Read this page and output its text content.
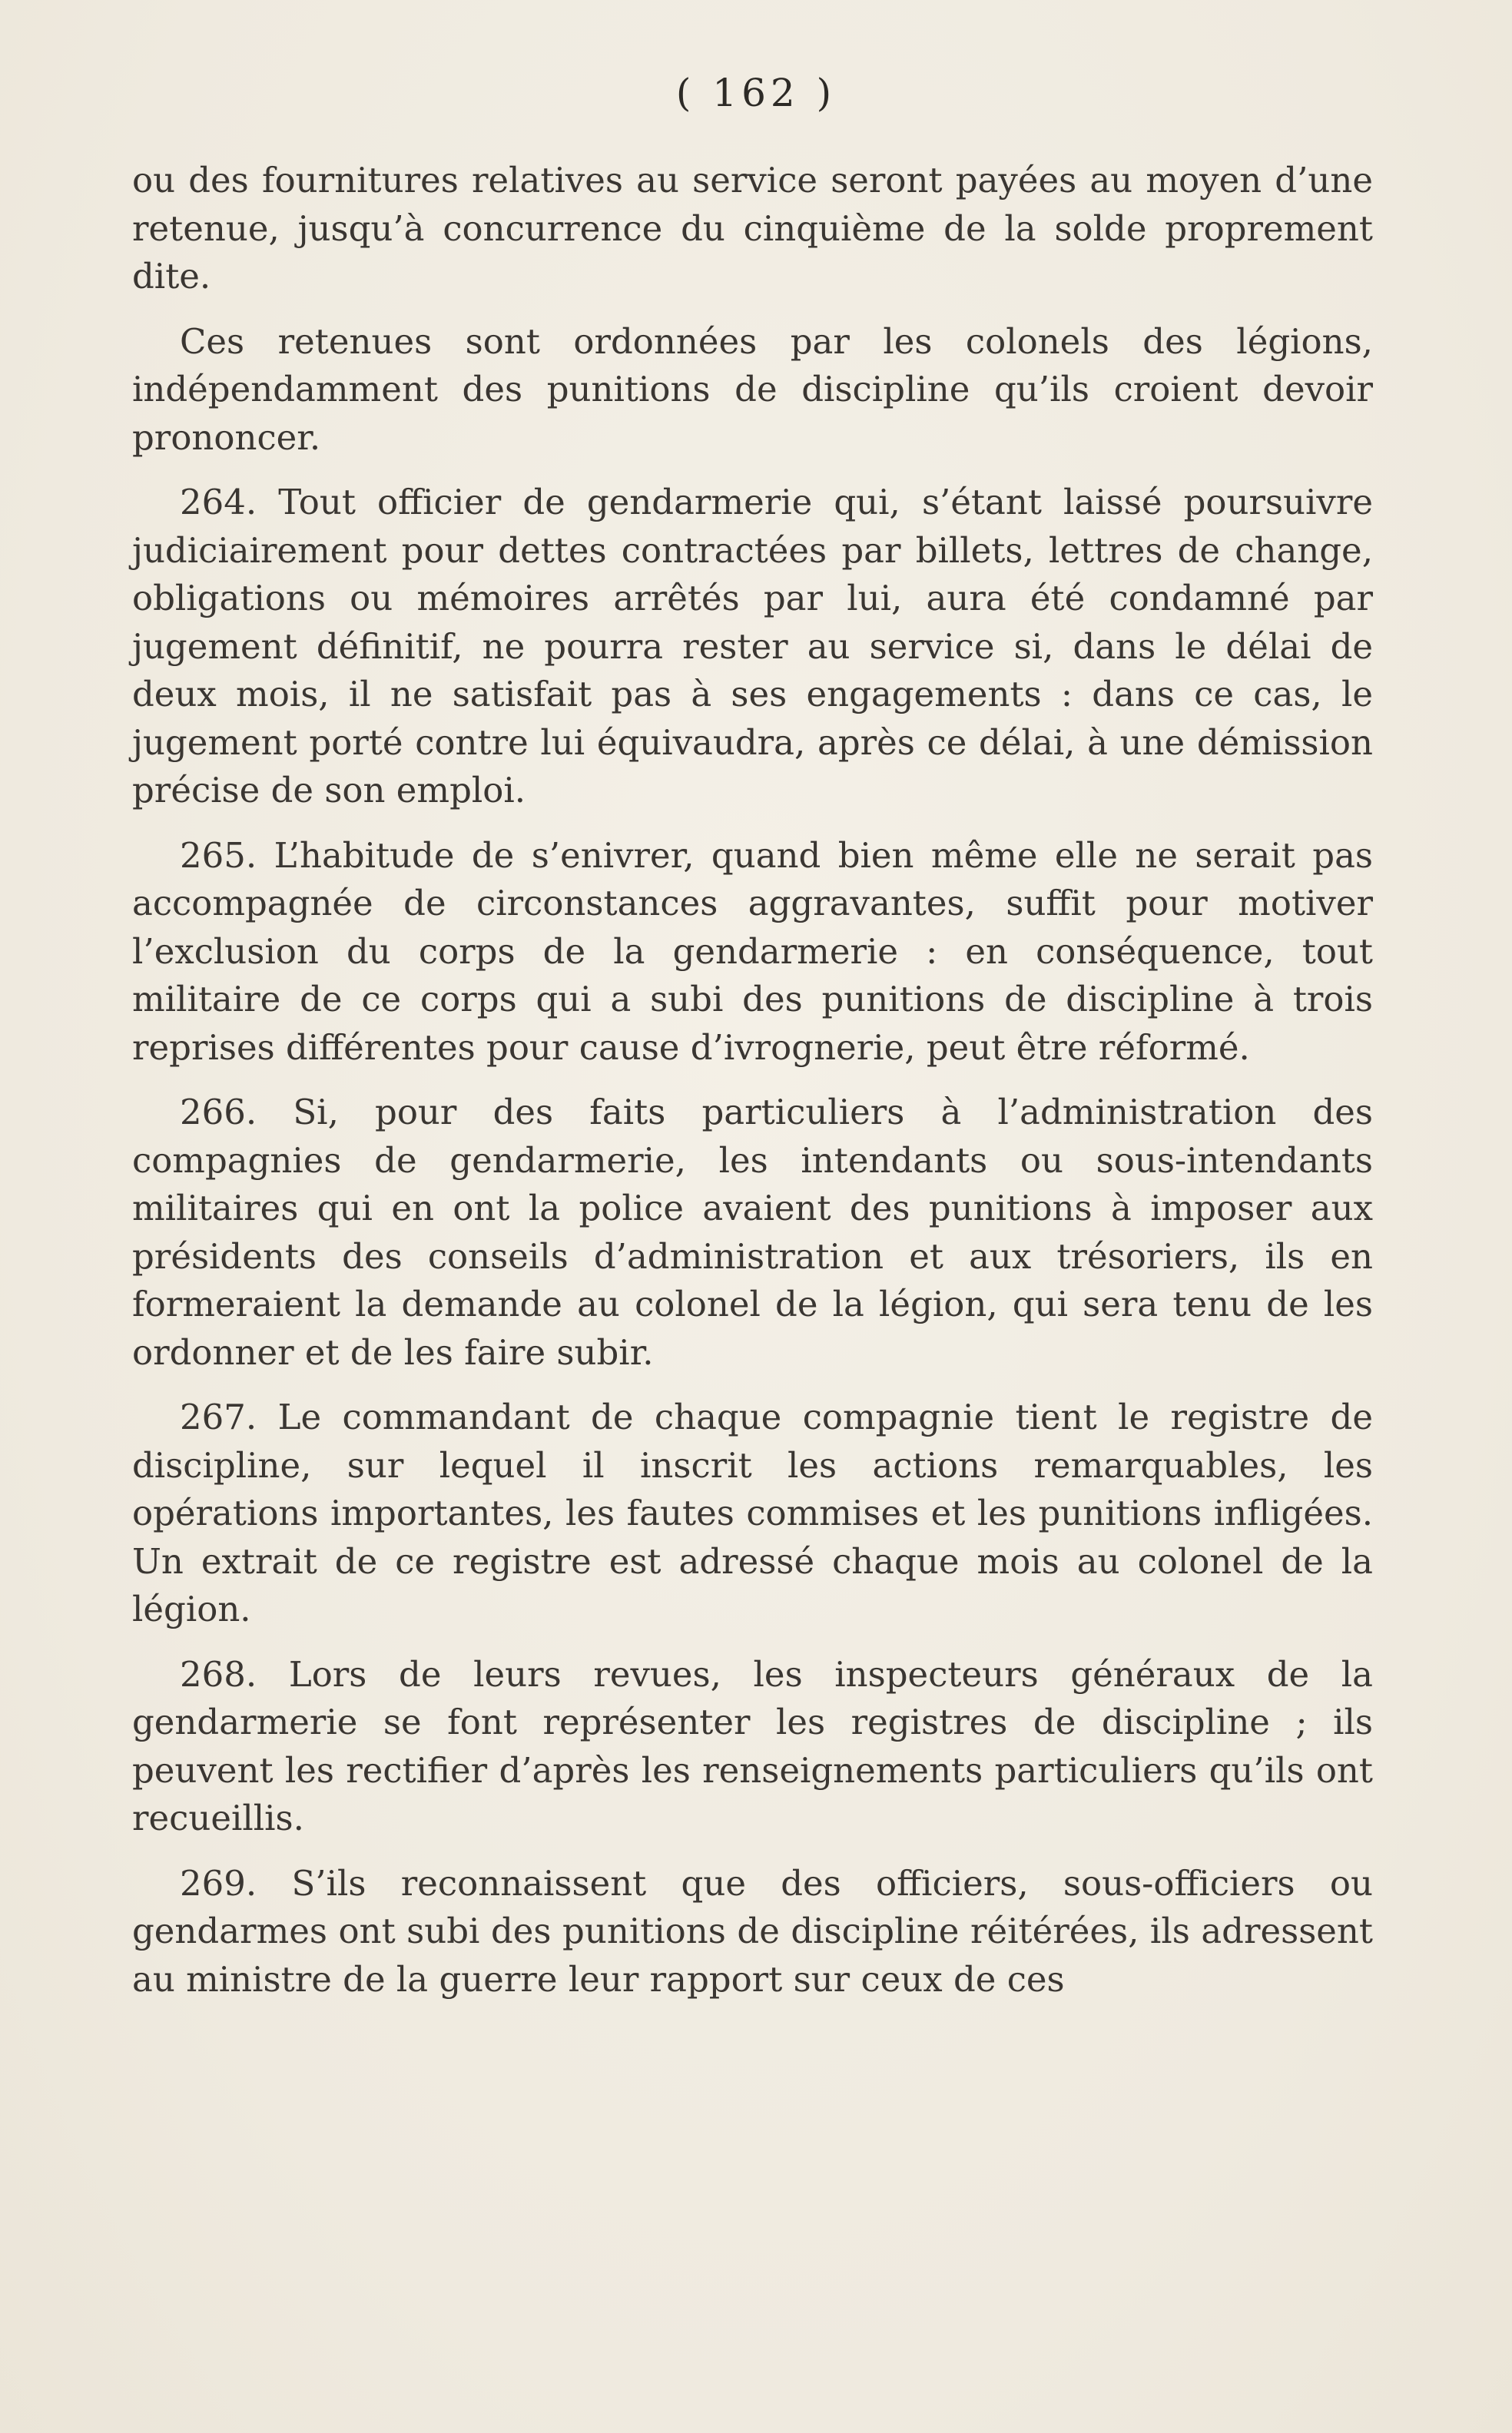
( 162 )

ou des fournitures relatives au service seront payées au moyen d’une retenue, jusqu’à concurrence du cinquième de la solde proprement dite.

Ces retenues sont ordonnées par les colonels des légions, indépendamment des punitions de discipline qu’ils croient devoir prononcer.

264. Tout officier de gendarmerie qui, s’étant laissé poursuivre judiciairement pour dettes contractées par billets, lettres de change, obligations ou mémoires arrêtés par lui, aura été condamné par jugement définitif, ne pourra rester au service si, dans le délai de deux mois, il ne satisfait pas à ses engagements : dans ce cas, le jugement porté contre lui équivaudra, après ce délai, à une démission précise de son emploi.

265. L’habitude de s’enivrer, quand bien même elle ne serait pas accompagnée de circonstances aggravantes, suffit pour motiver l’exclusion du corps de la gendarmerie : en conséquence, tout militaire de ce corps qui a subi des punitions de discipline à trois reprises différentes pour cause d’ivrognerie, peut être réformé.

266. Si, pour des faits particuliers à l’administration des compagnies de gendarmerie, les intendants ou sous-intendants militaires qui en ont la police avaient des punitions à imposer aux présidents des conseils d’administration et aux trésoriers, ils en formeraient la demande au colonel de la légion, qui sera tenu de les ordonner et de les faire subir.

267. Le commandant de chaque compagnie tient le registre de discipline, sur lequel il inscrit les actions remarquables, les opérations importantes, les fautes commises et les punitions infligées. Un extrait de ce registre est adressé chaque mois au colonel de la légion.

268. Lors de leurs revues, les inspecteurs généraux de la gendarmerie se font représenter les registres de discipline ; ils peuvent les rectifier d’après les renseignements particuliers qu’ils ont recueillis.

269. S’ils reconnaissent que des officiers, sous-officiers ou gendarmes ont subi des punitions de discipline réitérées, ils adressent au ministre de la guerre leur rapport sur ceux de ces
